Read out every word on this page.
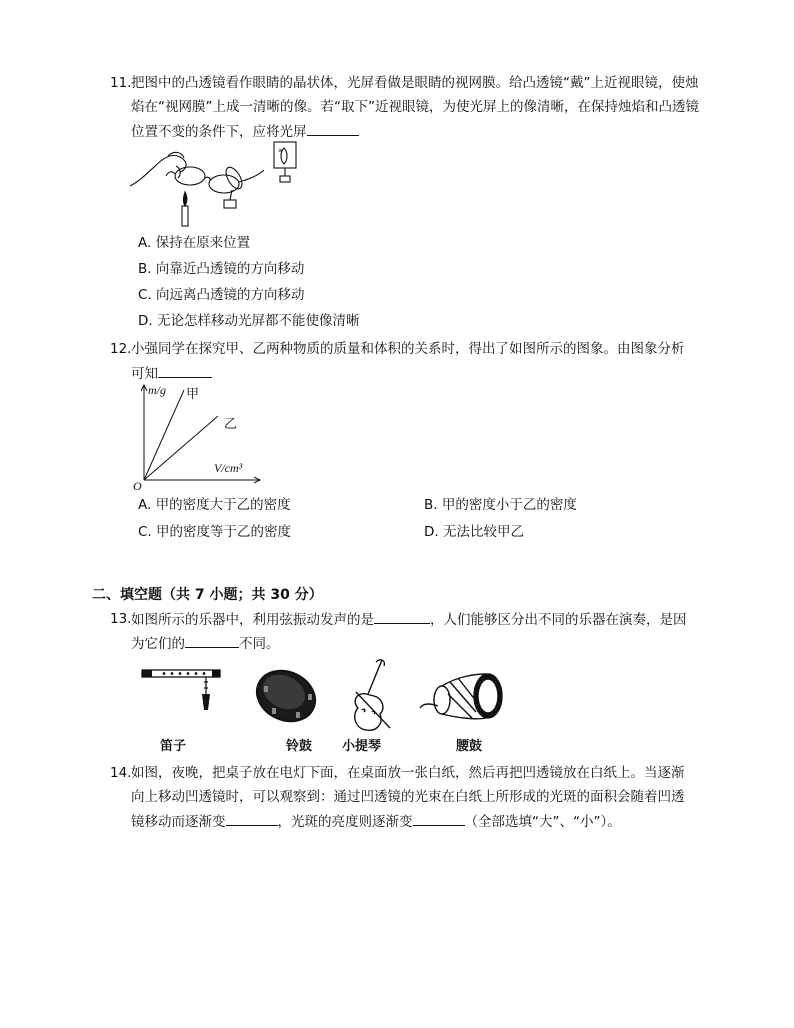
11. 把图中的凸透镜看作眼睛的晶状体，光屏看做是眼睛的视网膜。给凸透镜“戴”上近视眼镜，使烛
焰在“视网膜”上成一清晰的像。若“取下”近视眼镜，为使光屏上的像清晰，在保持烛焰和凸透镜
位置不变的条件下，应将光屏
≥
A. 保持在原来位置
B. 向靠近凸透镜的方向移动
C. 向远离凸透镜的方向移动
D. 无论怎样移动光屏都不能使像清晰
12. 小强同学在探究甲、乙两种物质的质量和体积的关系时，得出了如图所示的图象。由图象分析
可知
m/g 甲
乙
V/cm³
O
A. 甲的密度大于乙的密度	B. 甲的密度小于乙的密度
C. 甲的密度等于乙的密度	D. 无法比较甲乙
二、填空题（共 7 小题；共 30 分）
13. 如图所示的乐器中，利用弦振动发声的是	，人们能够区分出不同的乐器在演奏，是因
为它们的	不同。
笛子	铃鼓 小提琴	腰鼓
14. 如图，夜晚，把桌子放在电灯下面，在桌面放一张白纸，然后再把凹透镜放在白纸上。当逐渐
向上移动凹透镜时，可以观察到：通过凹透镜的光束在白纸上所形成的光斑的面积会随着凹透
镜移动而逐渐变	，光斑的亮度则逐渐变	（全部选填“大”、“小”）。
